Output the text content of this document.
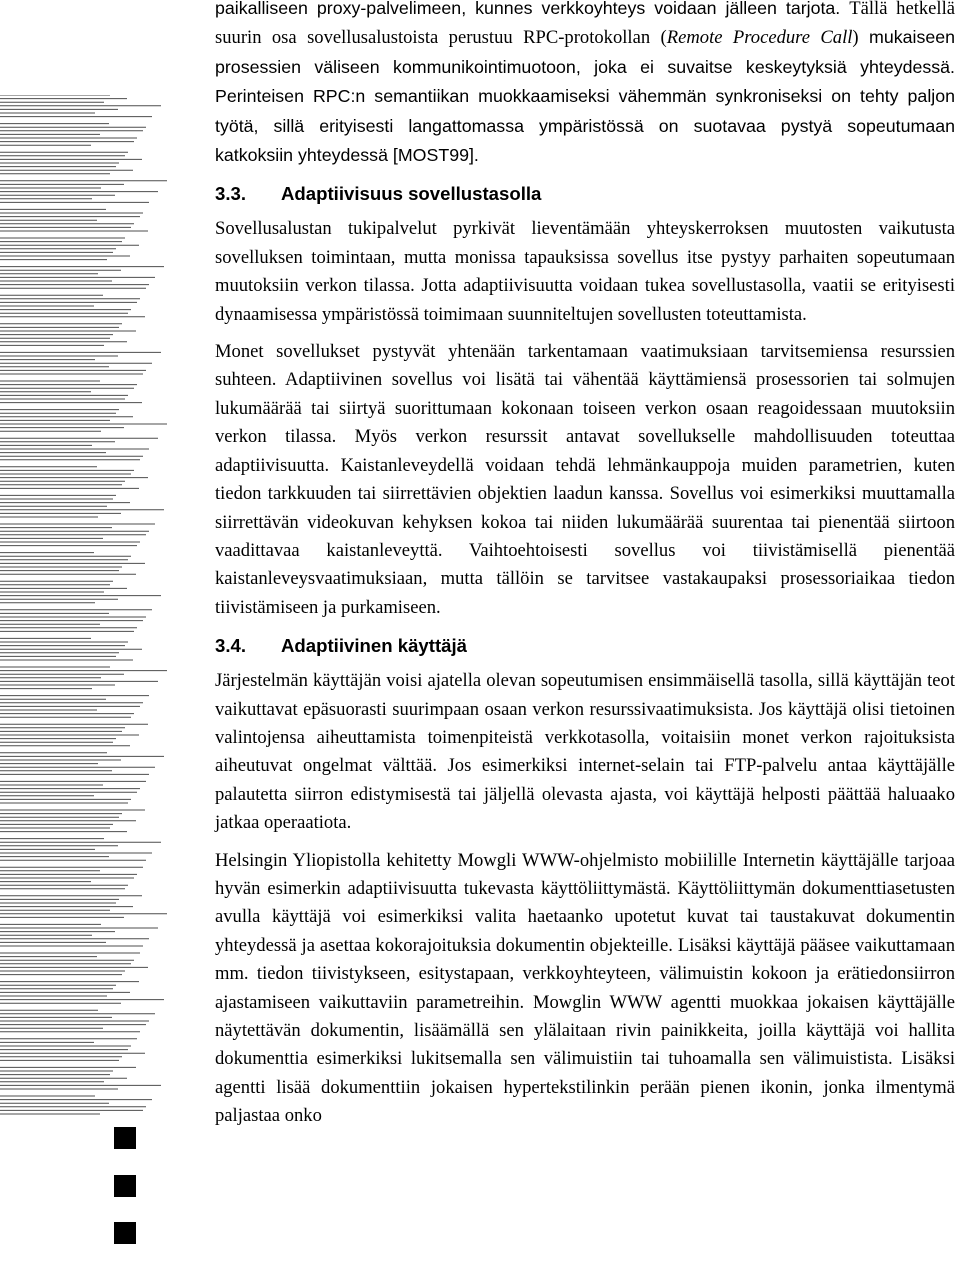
paikalliseen proxy-palvelimeen, kunnes verkkoyhteys voidaan jälleen tarjota. Tällä hetkellä suurin osa sovellusalustoista perustuu RPC-protokollan (Remote Procedure Call) mukaiseen prosessien väliseen kommunikointimuotoon, joka ei suvaitse keskeytyksiä yhteydessä. Perinteisen RPC:n semantiikan muokkaamiseksi vähemmän synkroniseksi on tehty paljon työtä, sillä erityisesti langattomassa ympäristössä on suotavaa pystyä sopeutumaan katkoksiin yhteydessä [MOST99].

3.3. Adaptiivisuus sovellustasolla

Sovellusalustan tukipalvelut pyrkivät lieventämään yhteyskerroksen muutosten vaikutusta sovelluksen toimintaan, mutta monissa tapauksissa sovellus itse pystyy parhaiten sopeutumaan muutoksiin verkon tilassa. Jotta adaptiivisuutta voidaan tukea sovellustasolla, vaatii se erityisesti dynaamisessa ympäristössä toimimaan suunniteltujen sovellusten toteuttamista.

Monet sovellukset pystyvät yhtenään tarkentamaan vaatimuksiaan tarvitsemiensa resurssien suhteen. Adaptiivinen sovellus voi lisätä tai vähentää käyttämiensä prosessorien tai solmujen lukumäärää tai siirtyä suorittumaan kokonaan toiseen verkon osaan reagoidessaan muutoksiin verkon tilassa. Myös verkon resurssit antavat sovellukselle mahdollisuuden toteuttaa adaptiivisuutta. Kaistanleveydellä voidaan tehdä lehmänkauppoja muiden parametrien, kuten tiedon tarkkuuden tai siirrettävien objektien laadun kanssa. Sovellus voi esimerkiksi muuttamalla siirrettävän videokuvan kehyksen kokoa tai niiden lukumäärää suurentaa tai pienentää siirtoon vaadittavaa kaistanleveyttä. Vaihtoehtoisesti sovellus voi tiivistämisellä pienentää kaistanleveysvaatimuksiaan, mutta tällöin se tarvitsee vastakaupaksi prosessoriaikaa tiedon tiivistämiseen ja purkamiseen.

3.4. Adaptiivinen käyttäjä

Järjestelmän käyttäjän voisi ajatella olevan sopeutumisen ensimmäisellä tasolla, sillä käyttäjän teot vaikuttavat epäsuorasti suurimpaan osaan verkon resurssivaatimuksista. Jos käyttäjä olisi tietoinen valintojensa aiheuttamista toimenpiteistä verkkotasolla, voitaisiin monet verkon rajoituksista aiheutuvat ongelmat välttää. Jos esimerkiksi internet-selain tai FTP-palvelu antaa käyttäjälle palautetta siirron edistymisestä tai jäljellä olevasta ajasta, voi käyttäjä helposti päättää haluaako jatkaa operaatiota.

Helsingin Yliopistolla kehitetty Mowgli WWW-ohjelmisto mobiilille Internetin käyttäjälle tarjoaa hyvän esimerkin adaptiivisuutta tukevasta käyttöliittymästä. Käyttöliittymän dokumenttiasetusten avulla käyttäjä voi esimerkiksi valita haetaanko upotetut kuvat tai taustakuvat dokumentin yhteydessä ja asettaa kokorajoituksia dokumentin objekteille. Lisäksi käyttäjä pääsee vaikuttamaan mm. tiedon tiivistykseen, esitystapaan, verkkoyhteyteen, välimuistin kokoon ja erätiedonsiirron ajastamiseen vaikuttaviin parametreihin. Mowglin WWW agentti muokkaa jokaisen käyttäjälle näytettävän dokumentin, lisäämällä sen ylälaitaan rivin painikkeita, joilla käyttäjä voi hallita dokumenttia esimerkiksi lukitsemalla sen välimuistiin tai tuhoamalla sen välimuistista. Lisäksi agentti lisää dokumenttiin jokaisen hypertekstilinkin perään pienen ikonin, jonka ilmentymä paljastaa onko
